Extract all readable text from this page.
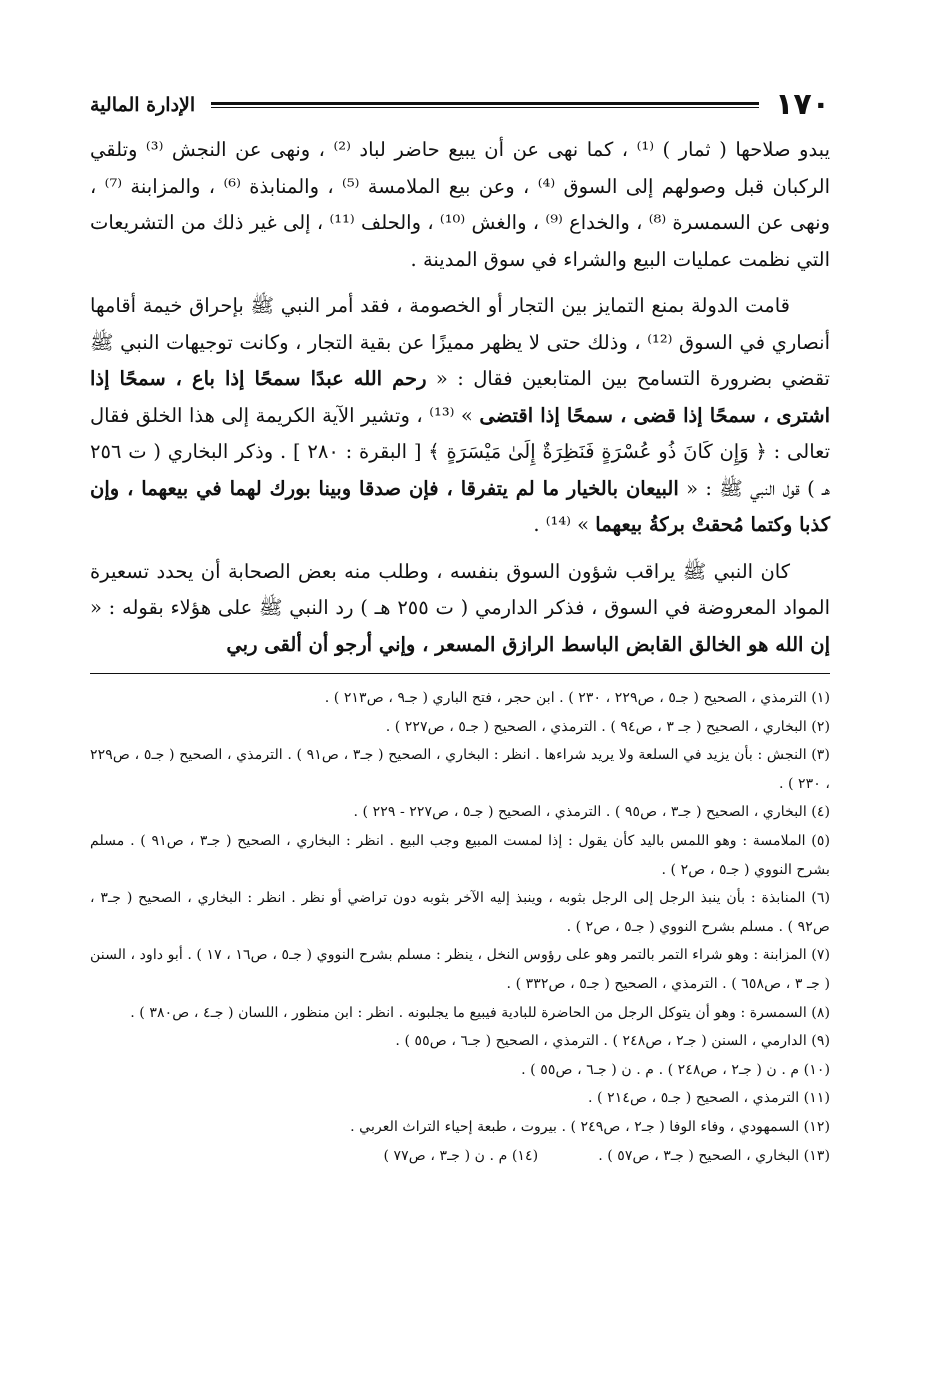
١٧٠
الإدارة المالية

يبدو صلاحها ( ثمار ) ⁽¹⁾ ، كما نهى عن أن يبيع حاضر لباد ⁽²⁾ ، ونهى عن النجش ⁽³⁾ وتلقي الركبان قبل وصولهم إلى السوق ⁽⁴⁾ ، وعن بيع الملامسة ⁽⁵⁾ ، والمنابذة ⁽⁶⁾ ، والمزابنة ⁽⁷⁾ ، ونهى عن السمسرة ⁽⁸⁾ ، والخداع ⁽⁹⁾ ، والغش ⁽¹⁰⁾ ، والحلف ⁽¹¹⁾ ، إلى غير ذلك من التشريعات التي نظمت عمليات البيع والشراء في سوق المدينة .

قامت الدولة بمنع التمايز بين التجار أو الخصومة ، فقد أمر النبي ﷺ بإحراق خيمة أقامها أنصاري في السوق ⁽¹²⁾ ، وذلك حتى لا يظهر مميزًا عن بقية التجار ، وكانت توجيهات النبي ﷺ تقضي بضرورة التسامح بين المتابعين فقال : « رحم الله عبدًا سمحًا إذا باع ، سمحًا إذا اشترى ، سمحًا إذا قضى ، سمحًا إذا اقتضى » ⁽¹³⁾ ، وتشير الآية الكريمة إلى هذا الخلق فقال تعالى : ﴿ وَإِن كَانَ ذُو عُسْرَةٍ فَنَظِرَةٌ إِلَىٰ مَيْسَرَةٍ ﴾ [ البقرة : ٢٨٠ ] . وذكر البخاري ( ت ٢٥٦ هـ ) قول النبي ﷺ : « البيعان بالخيار ما لم يتفرقا ، فإن صدقا وبينا بورك لهما في بيعهما ، وإن كذبا وكتما مُحقتْ بركةُ بيعهما » ⁽¹⁴⁾ .

كان النبي ﷺ يراقب شؤون السوق بنفسه ، وطلب منه بعض الصحابة أن يحدد تسعيرة المواد المعروضة في السوق ، فذكر الدارمي ( ت ٢٥٥ هـ ) رد النبي ﷺ على هؤلاء بقوله : « إن الله هو الخالق القابض الباسط الرازق المسعر ، وإني أرجو أن ألقى ربي

(١) الترمذي ، الصحيح ( جـ٥ ، ص٢٢٩ ، ٢٣٠ ) . ابن حجر ، فتح الباري ( جـ٩ ، ص٢١٣ ) .

(٢) البخاري ، الصحيح ( جـ ٣ ، ص٩٤ ) . الترمذي ، الصحيح ( جـ٥ ، ص٢٢٧ ) .

(٣) النجش : بأن يزيد في السلعة ولا يريد شراءها . انظر : البخاري ، الصحيح ( جـ٣ ، ص٩١ ) . الترمذي ، الصحيح ( جـ٥ ، ص٢٢٩ ، ٢٣٠ ) .

(٤) البخاري ، الصحيح ( جـ٣ ، ص٩٥ ) . الترمذي ، الصحيح ( جـ٥ ، ص٢٢٧ - ٢٢٩ ) .

(٥) الملامسة : وهو اللمس باليد كأن يقول : إذا لمست المبيع وجب البيع . انظر : البخاري ، الصحيح ( جـ٣ ، ص٩١ ) . مسلم بشرح النووي ( جـ٥ ، ص٢ ) .

(٦) المنابذة : بأن ينبذ الرجل إلى الرجل بثوبه ، وينبذ إليه الآخر بثوبه دون تراضي أو نظر . انظر : البخاري ، الصحيح ( جـ٣ ، ص٩٢ ) . مسلم بشرح النووي ( جـ٥ ، ص٢ ) .

(٧) المزابنة : وهو شراء التمر بالتمر وهو على رؤوس النخل ، ينظر : مسلم بشرح النووي ( جـ٥ ، ص١٦ ، ١٧ ) . أبو داود ، السنن ( جـ ٣ ، ص٦٥٨ ) . الترمذي ، الصحيح ( جـ٥ ، ص٣٣٢ ) .

(٨) السمسرة : وهو أن يتوكل الرجل من الحاضرة للبادية فيبيع ما يجلبونه . انظر : ابن منظور ، اللسان ( جـ٤ ، ص٣٨٠ ) .

(٩) الدارمي ، السنن ( جـ٢ ، ص٢٤٨ ) . الترمذي ، الصحيح ( جـ٦ ، ص٥٥ ) .

(١٠) م . ن ( جـ٢ ، ص٢٤٨ ) . م . ن ( جـ٦ ، ص٥٥ ) .

(١١) الترمذي ، الصحيح ( جـ٥ ، ص٢١٤ ) .

(١٢) السمهودي ، وفاء الوفا ( جـ٢ ، ص٢٤٩ ) . بيروت ، طبعة إحياء التراث العربي .

(١٣) البخاري ، الصحيح ( جـ٣ ، ص٥٧ ) .
(١٤) م . ن ( جـ٣ ، ص٧٧ )
